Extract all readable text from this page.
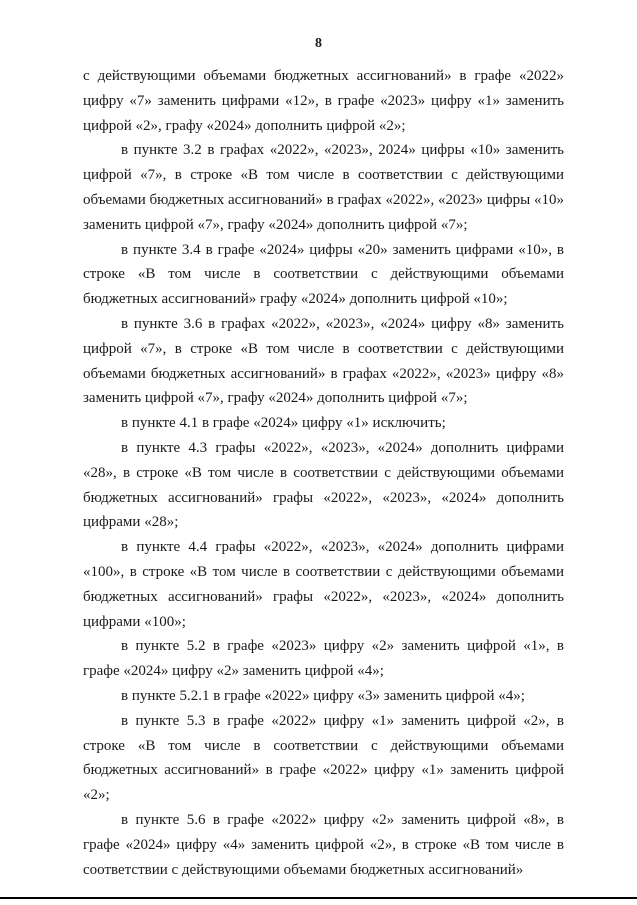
8

с действующими объемами бюджетных ассигнований» в графе «2022» цифру «7» заменить цифрами «12», в графе «2023» цифру «1» заменить цифрой «2», графу «2024» дополнить цифрой «2»;

в пункте 3.2 в графах «2022», «2023», 2024» цифры «10» заменить цифрой «7», в строке «В том числе в соответствии с действующими объемами бюджетных ассигнований» в графах «2022», «2023» цифры «10» заменить цифрой «7», графу «2024» дополнить цифрой «7»;

в пункте 3.4 в графе «2024» цифры «20» заменить цифрами «10», в строке «В том числе в соответствии с действующими объемами бюджетных ассигнований» графу «2024» дополнить цифрой «10»;

в пункте 3.6 в графах «2022», «2023», «2024» цифру «8» заменить цифрой «7», в строке «В том числе в соответствии с действующими объемами бюджетных ассигнований» в графах «2022», «2023» цифру «8» заменить цифрой «7», графу «2024» дополнить цифрой «7»;

в пункте 4.1 в графе «2024» цифру «1» исключить;

в пункте 4.3 графы «2022», «2023», «2024» дополнить цифрами «28», в строке «В том числе в соответствии с действующими объемами бюджетных ассигнований» графы «2022», «2023», «2024» дополнить цифрами «28»;

в пункте 4.4 графы «2022», «2023», «2024» дополнить цифрами «100», в строке «В том числе в соответствии с действующими объемами бюджетных ассигнований» графы «2022», «2023», «2024» дополнить цифрами «100»;

в пункте 5.2 в графе «2023» цифру «2» заменить цифрой «1», в графе «2024» цифру «2» заменить цифрой «4»;

в пункте 5.2.1 в графе «2022» цифру «3» заменить цифрой «4»;

в пункте 5.3 в графе «2022» цифру «1» заменить цифрой «2», в строке «В том числе в соответствии с действующими объемами бюджетных ассигнований» в графе «2022» цифру «1» заменить цифрой «2»;

в пункте 5.6 в графе «2022» цифру «2» заменить цифрой «8», в графе «2024» цифру «4» заменить цифрой «2», в строке «В том числе в соответствии с действующими объемами бюджетных ассигнований»
